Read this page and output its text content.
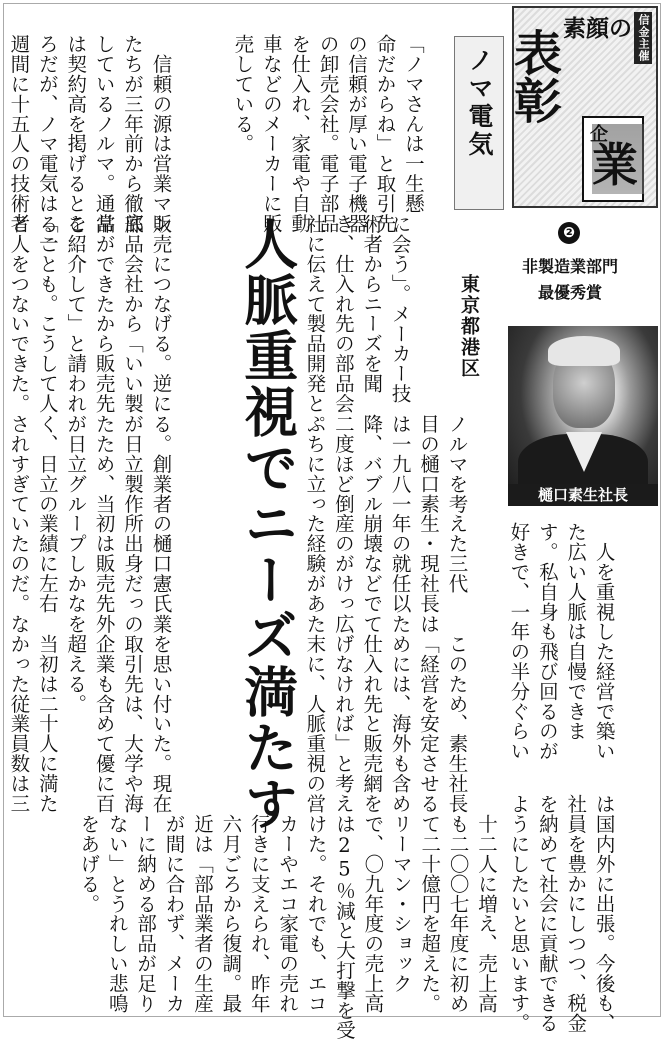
信金主催
素顔の
表彰
企
業
❷
非製造業部門
最優秀賞
樋口素生社長

ノマ電気

東京都港区

人脈重視でニーズ満たす

「ノマさんは一生懸

命だからね」と取引先

の信頼が厚い電子機器

の卸売会社。電子部品

を仕入れ、家電や自動

車などのメーカーに販

売している。

　信頼の源は営業マン

たちが三年前から徹底

しているノルマ。通常

は契約高を掲げるとこ

ろだが、ノマ電気は「一

週間に十五人の技術者

に会う」。メーカー技

術者からニーズを聞

き、仕入れ先の部品会

社に伝えて製品開発と

販売につなげる。逆に

部品会社から「いい製

品ができたから販売先

を紹介して」と請われ

ることも。こうして人

と人をつないできた。

ノルマを考えた三代

目の樋口素生・現社長

は一九八一年の就任以

降、バブル崩壊などで

二度ほど倒産のがけっ

ぷちに立った経験があ

る。創業者の樋口憲氏

が日立製作所出身だっ

たため、当初は販売先

が日立グループしかな

く、日立の業績に左右

されすぎていたのだ。

　このため、素生社長

は「経営を安定させる

ためには、海外も含め

て仕入れ先と販売網を

広げなければ」と考え

た末に、人脈重視の営

業を思い付いた。現在

の取引先は、大学や海

外企業も含めて優に百

を超える。

　当初は二十人に満た

なかった従業員数は三	　人を重視した経営で築い

た広い人脈は自慢できま

す。私自身も飛び回るのが

好きで、一年の半分ぐらい

は国内外に出張。今後も、

社員を豊かにしつつ、税金

を納めて社会に貢献できる

ようにしたいと思います。

十二人に増え、売上高

も二〇〇七年度に初め

て二十億円を超えた。

リーマン・ショック

で、〇九年度の売上高

は25％減と大打撃を受

けた。それでも、エコ

カーやエコ家電の売れ

行きに支えられ、昨年

六月ごろから復調。最

近は「部品業者の生産

が間に合わず、メーカ

ーに納める部品が足り

ない」とうれしい悲鳴

をあげる。
